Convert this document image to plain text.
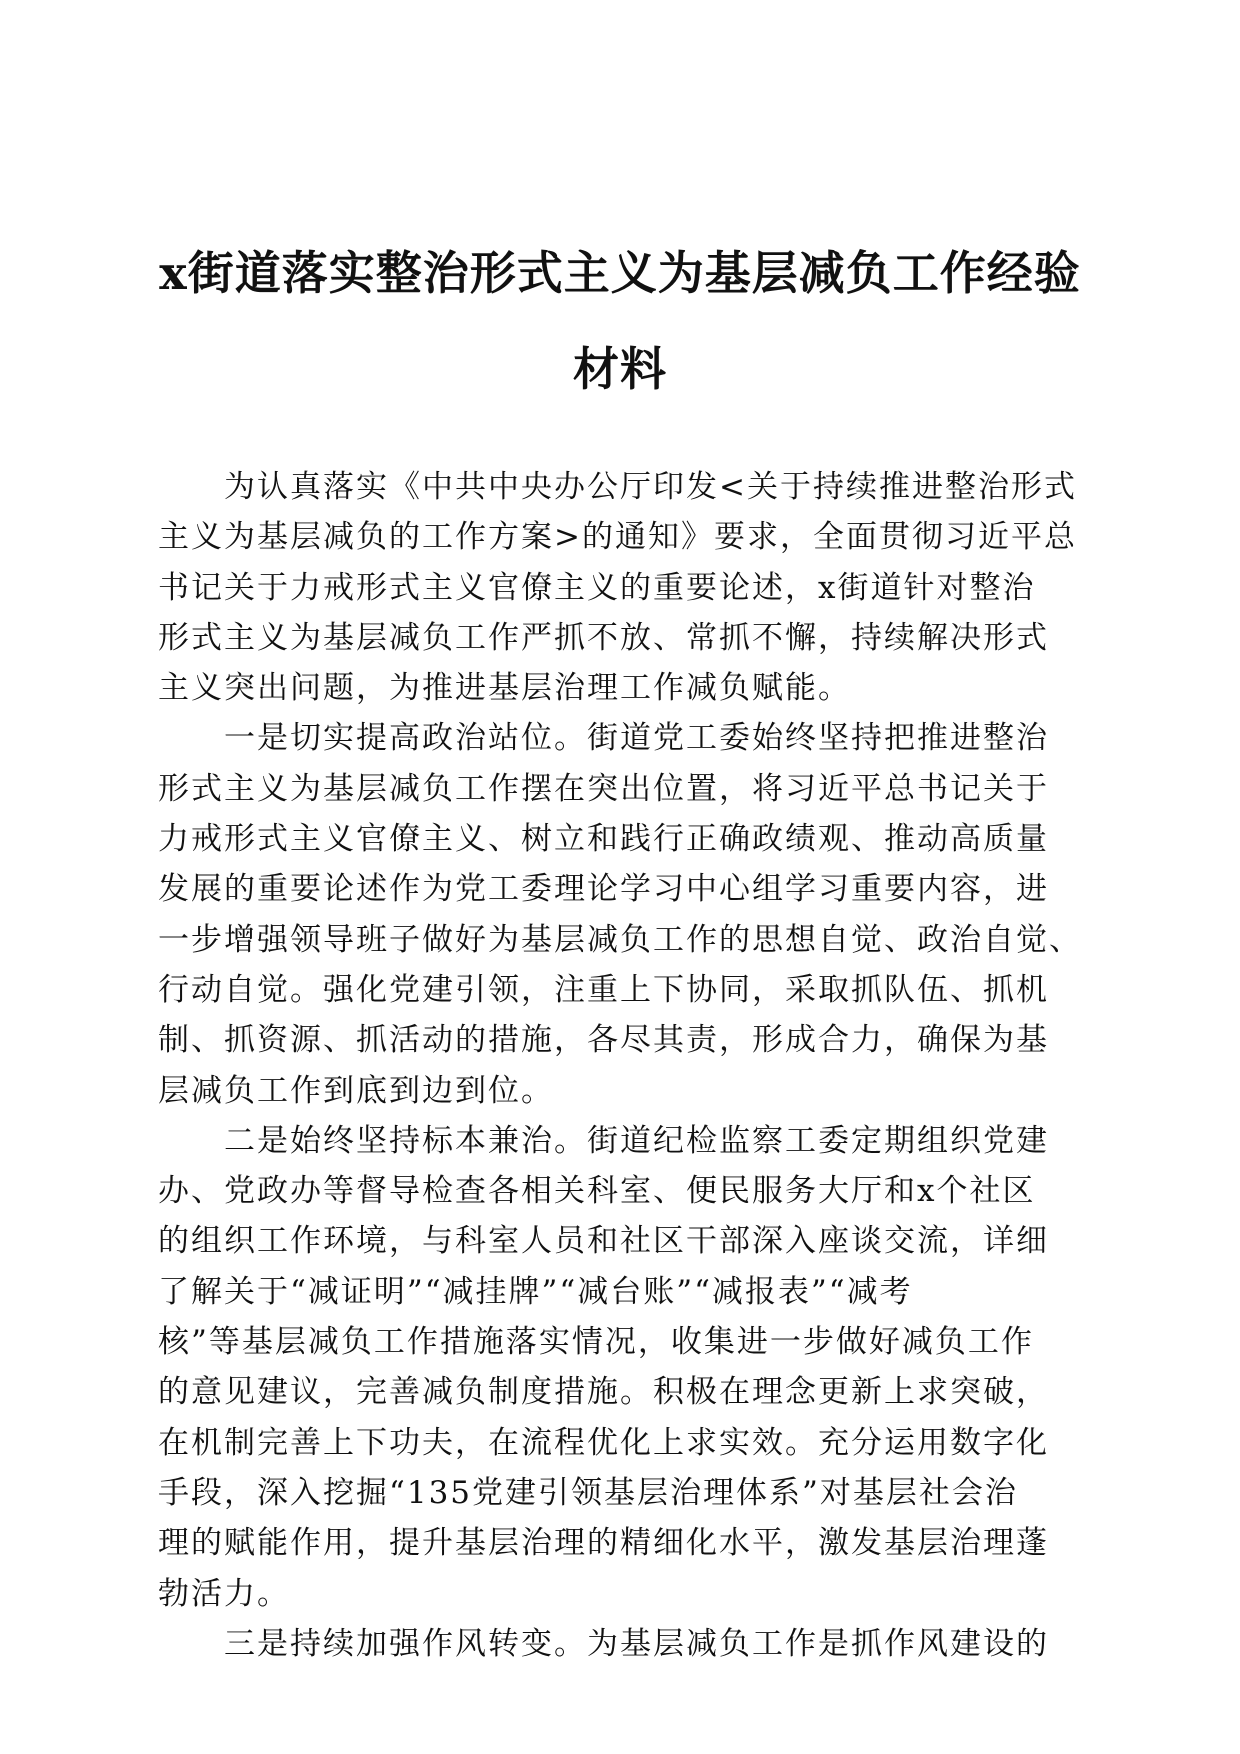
x街道落实整治形式主义为基层减负工作经验
材料
为认真落实《中共中央办公厅印发<关于持续推进整治形式
主义为基层减负的工作方案>的通知》要求，全面贯彻习近平总
书记关于力戒形式主义官僚主义的重要论述，x街道针对整治
形式主义为基层减负工作严抓不放、常抓不懈，持续解决形式
主义突出问题，为推进基层治理工作减负赋能。
一是切实提高政治站位。街道党工委始终坚持把推进整治
形式主义为基层减负工作摆在突出位置，将习近平总书记关于
力戒形式主义官僚主义、树立和践行正确政绩观、推动高质量
发展的重要论述作为党工委理论学习中心组学习重要内容，进
一步增强领导班子做好为基层减负工作的思想自觉、政治自觉、
行动自觉。强化党建引领，注重上下协同，采取抓队伍、抓机
制、抓资源、抓活动的措施，各尽其责，形成合力，确保为基
层减负工作到底到边到位。
二是始终坚持标本兼治。街道纪检监察工委定期组织党建
办、党政办等督导检查各相关科室、便民服务大厅和x个社区
的组织工作环境，与科室人员和社区干部深入座谈交流，详细
了解关于“减证明”“减挂牌”“减台账”“减报表”“减考
核”等基层减负工作措施落实情况，收集进一步做好减负工作
的意见建议，完善减负制度措施。积极在理念更新上求突破，
在机制完善上下功夫，在流程优化上求实效。充分运用数字化
手段，深入挖掘“135党建引领基层治理体系”对基层社会治
理的赋能作用，提升基层治理的精细化水平，激发基层治理蓬
勃活力。
三是持续加强作风转变。为基层减负工作是抓作风建设的
